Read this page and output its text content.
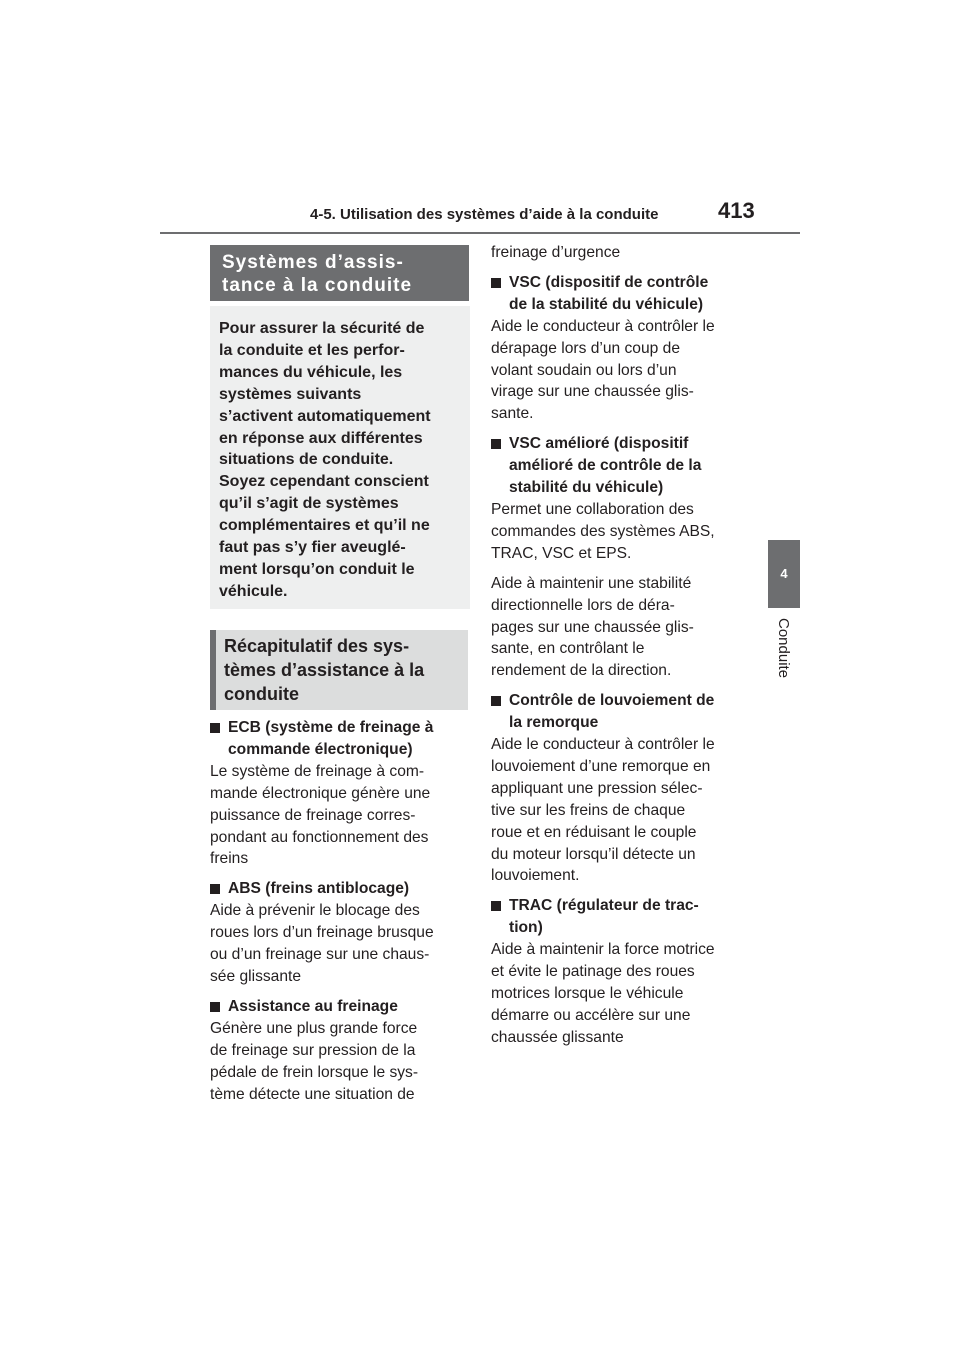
4-5. Utilisation des systèmes d’aide à la conduite	413
4
Conduite
Systèmes d’assis-
tance à la conduite
Pour assurer la sécurité de
la conduite et les perfor-
mances du véhicule, les
systèmes suivants
s’activent automatiquement
en réponse aux différentes
situations de conduite.
Soyez cependant conscient
qu’il s’agit de systèmes
complémentaires et qu’il ne
faut pas s’y fier aveuglé-
ment lorsqu’on conduit le
véhicule.
Récapitulatif des sys-
tèmes d’assistance à la
conduite
ECB (système de freinage à
commande électronique)
Le système de freinage à com-
mande électronique génère une
puissance de freinage corres-
pondant au fonctionnement des
freins
ABS (freins antiblocage)
Aide à prévenir le blocage des
roues lors d’un freinage brusque
ou d’un freinage sur une chaus-
sée glissante
Assistance au freinage
Génère une plus grande force
de freinage sur pression de la
pédale de frein lorsque le sys-
tème détecte une situation de
freinage d’urgence
VSC (dispositif de contrôle
de la stabilité du véhicule)
Aide le conducteur à contrôler le
dérapage lors d’un coup de
volant soudain ou lors d’un
virage sur une chaussée glis-
sante.
VSC amélioré (dispositif
amélioré de contrôle de la
stabilité du véhicule)
Permet une collaboration des
commandes des systèmes ABS,
TRAC, VSC et EPS.
Aide à maintenir une stabilité
directionnelle lors de déra-
pages sur une chaussée glis-
sante, en contrôlant le
rendement de la direction.
Contrôle de louvoiement de
la remorque
Aide le conducteur à contrôler le
louvoiement d’une remorque en
appliquant une pression sélec-
tive sur les freins de chaque
roue et en réduisant le couple
du moteur lorsqu’il détecte un
louvoiement.
TRAC (régulateur de trac-
tion)
Aide à maintenir la force motrice
et évite le patinage des roues
motrices lorsque le véhicule
démarre ou accélère sur une
chaussée glissante
